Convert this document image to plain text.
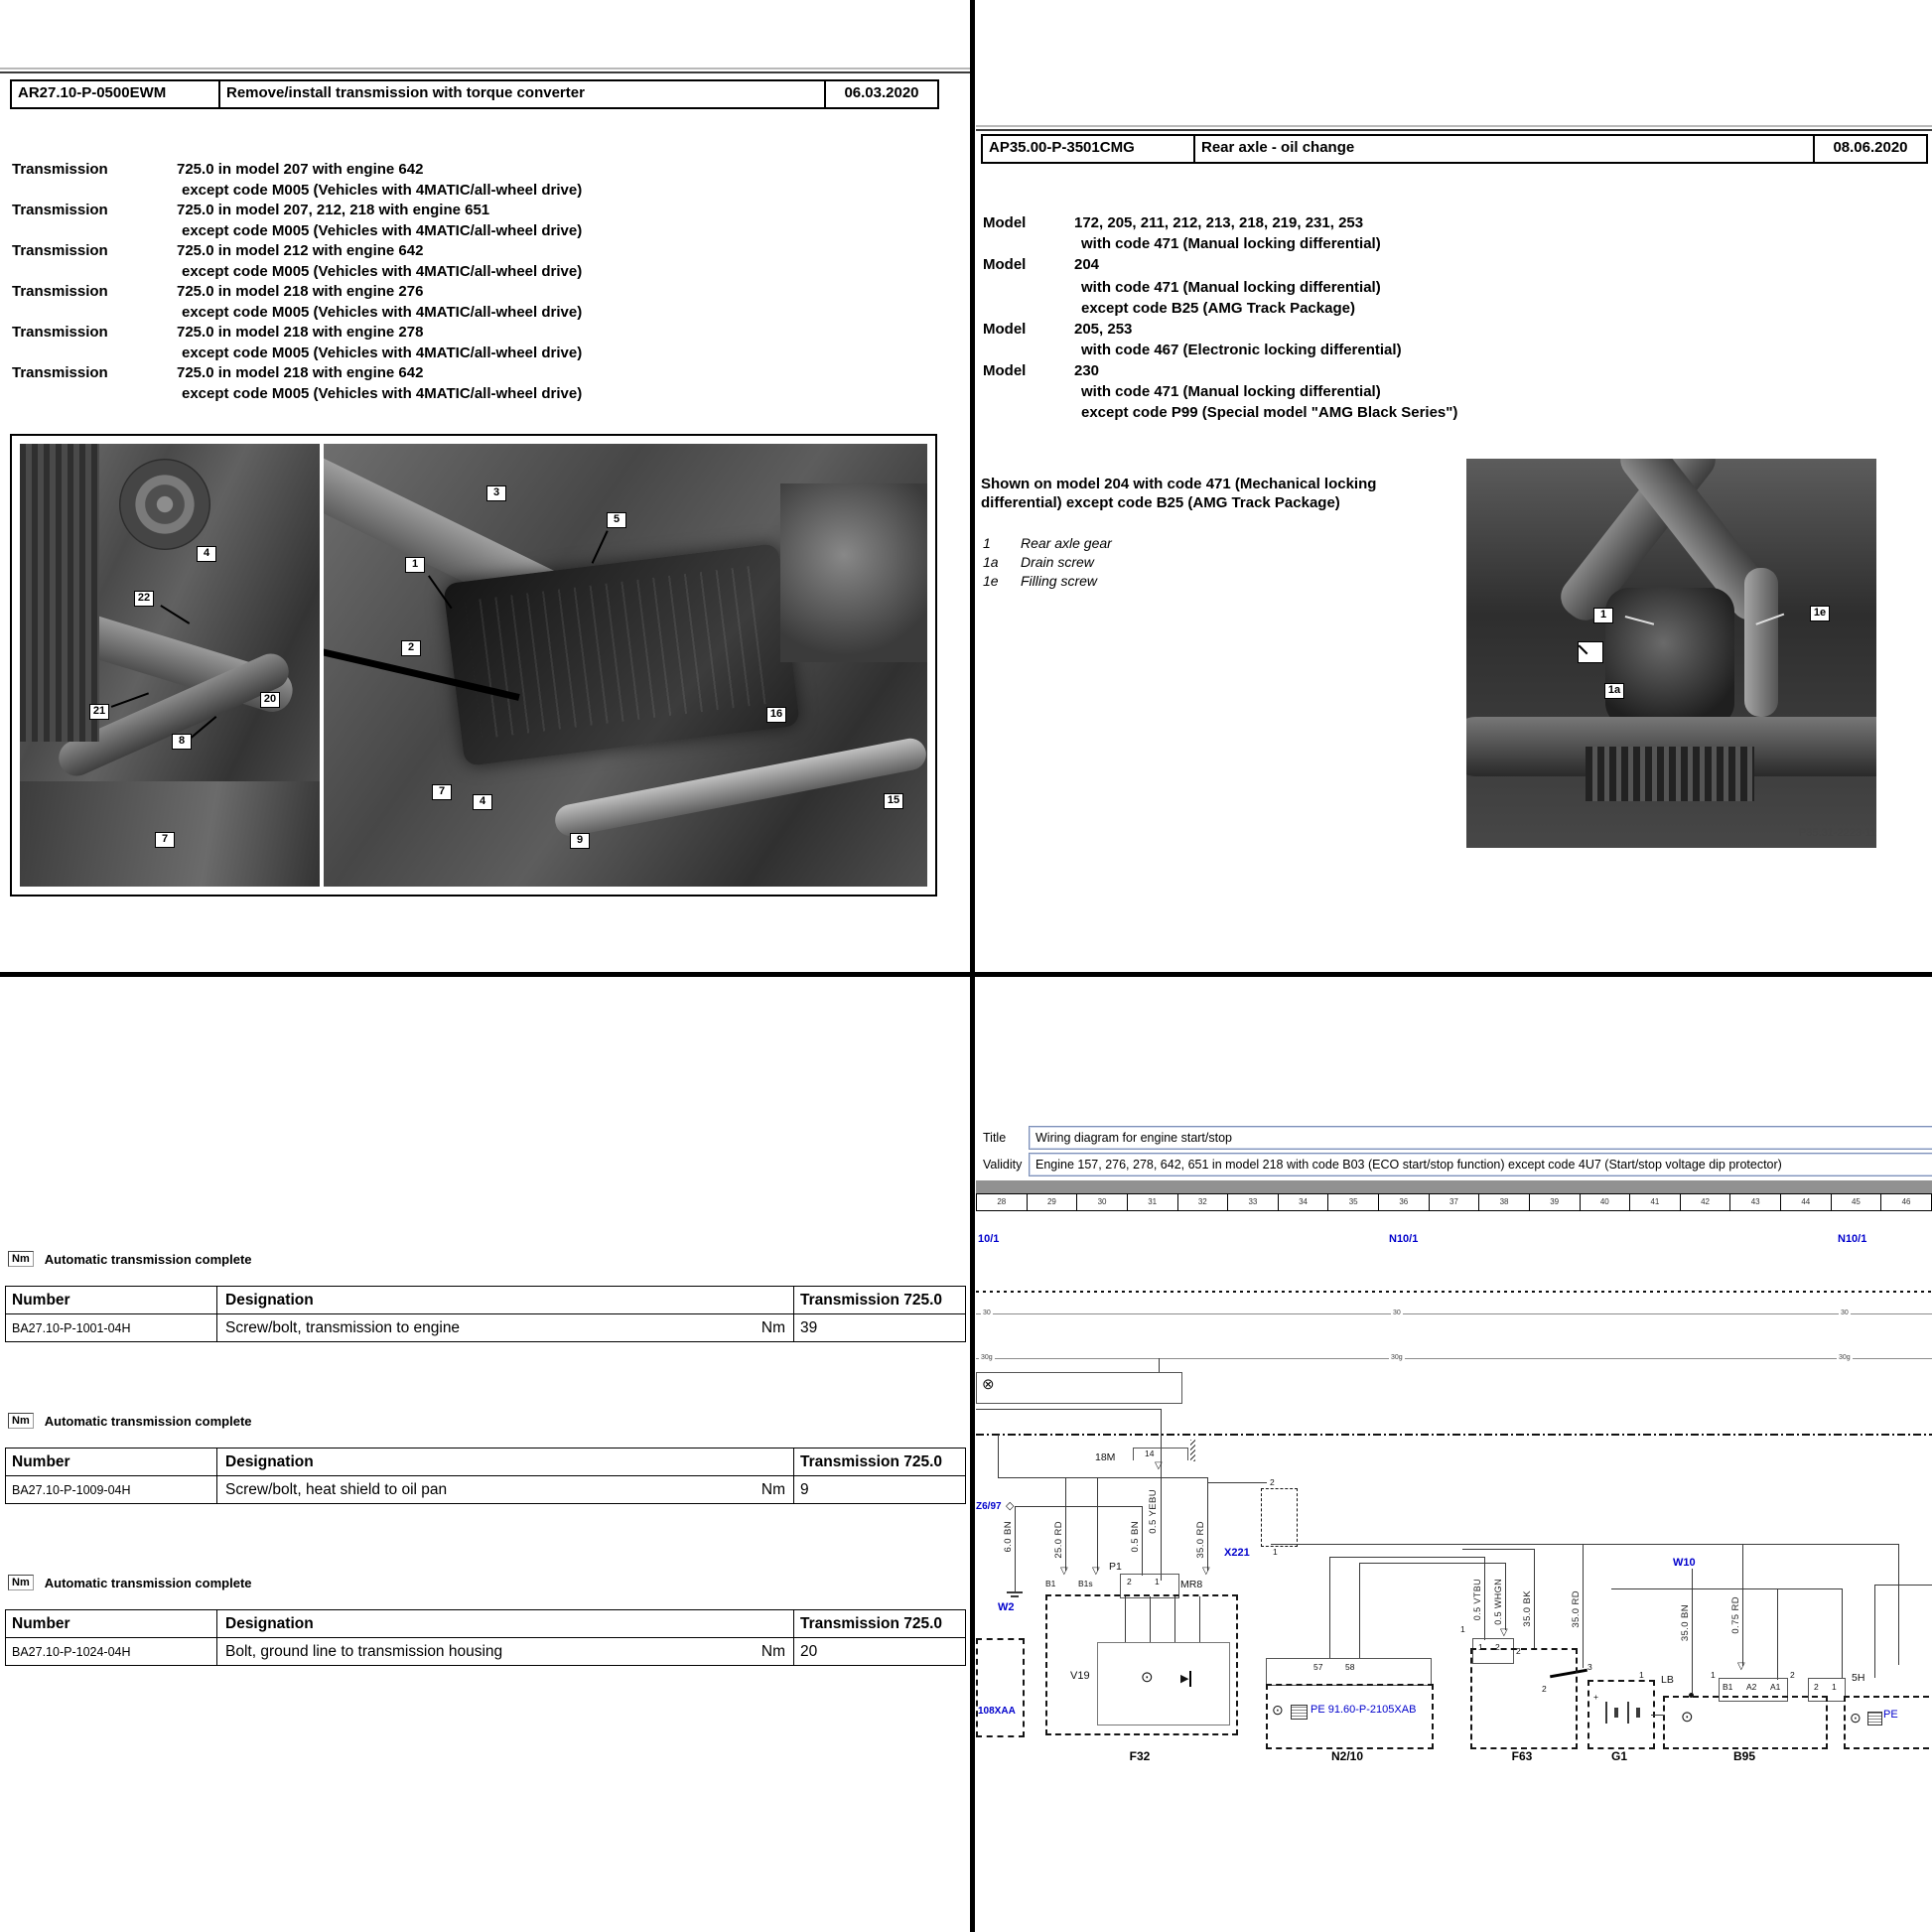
AR27.10-P-0500EWM	Remove/install transmission with torque converter	06.03.2020
Transmission	725.0 in model 207 with engine 642
except code M005 (Vehicles with 4MATIC/all-wheel drive)
Transmission	725.0 in model 207, 212, 218 with engine 651
except code M005 (Vehicles with 4MATIC/all-wheel drive)
Transmission	725.0 in model 212 with engine 642
except code M005 (Vehicles with 4MATIC/all-wheel drive)
Transmission	725.0 in model 218 with engine 276
except code M005 (Vehicles with 4MATIC/all-wheel drive)
Transmission	725.0 in model 218 with engine 278
except code M005 (Vehicles with 4MATIC/all-wheel drive)
Transmission	725.0 in model 218 with engine 642
except code M005 (Vehicles with 4MATIC/all-wheel drive)
4
22
21
20
8
7
3
5
1
2
16
7
4
9
15
AP35.00-P-3501CMG	Rear axle - oil change	08.06.2020
Model	172, 205, 211, 212, 213, 218, 219, 231, 253
with code 471 (Manual locking differential)
Model	204
with code 471 (Manual locking differential)
except code B25 (AMG Track Package)
Model	205, 253
with code 467 (Electronic locking differential)
Model	230
with code 471 (Manual locking differential)
except code P99 (Special model "AMG Black Series")
Shown on model 204 with code 471 (Mechanical locking differential) except code B25 (AMG Track Package)
1 Rear axle gear
1a Drain screw
1e Filling screw
1	1e
1a
P35.31-2223-11
Nm	Automatic transmission complete
Number	Designation	Transmission 725.0
BA27.10-P-1001-04H	Screw/bolt, transmission to engine	Nm 39
Nm	Automatic transmission complete
Number	Designation	Transmission 725.0
BA27.10-P-1009-04H	Screw/bolt, heat shield to oil pan	Nm 9
Nm	Automatic transmission complete
Number	Designation	Transmission 725.0
BA27.10-P-1024-04H	Bolt, ground line to transmission housing	Nm 20
Title	Wiring diagram for engine start/stop
Validity	Engine 157, 276, 278, 642, 651 in model 218 with code B03 (ECO start/stop function) except code 4U7 (Start/stop voltage dip protector)
28	29	30	31	32	33	34	35	36	37	38	39	40	41	42	43	44	45	46
10/1	N10/1	N10/1
30	30	30
30g	30g	30g
⊗
18M	14
▽
Z6/97 ◇
6.0 BN
W2
25.0 RD
▽
B1
▽ P1
B1s
0.5 BN
0.5 YEBU
2	1 MR8
35.0 RD
▽
2
1
X221
0.5 VTBU
▽
0.5 WHGN
1 2
1
2
35.0 BK	35.0 RD
3
2
W10
35.0 BN
LB
▽
0.75 RD
B1 A2 A1
1	2
2 1
5H
108XAA
V19	⊙ ▶
F32
57	58
⊙ PE 91.60-P-2105XAB
N2/10	F63
+
1
G1
⊙
B95
⊙ PE
